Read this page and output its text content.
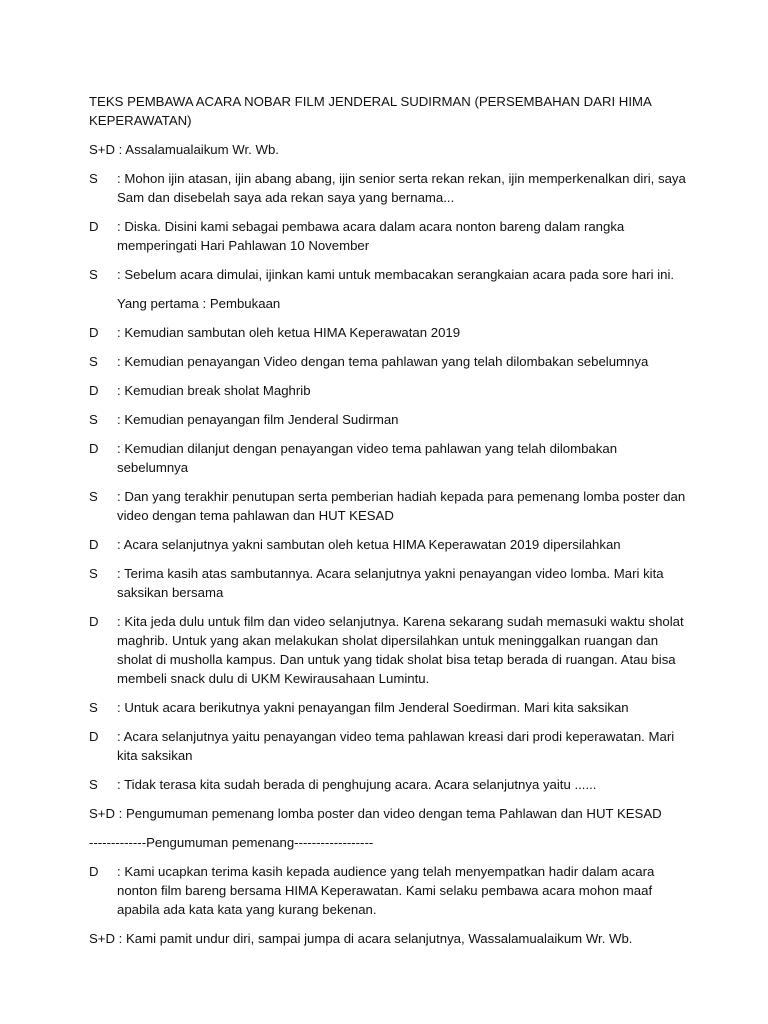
TEKS PEMBAWA ACARA NOBAR FILM JENDERAL SUDIRMAN (PERSEMBAHAN DARI HIMA KEPERAWATAN)

S+D : Assalamualaikum Wr. Wb.

S	: Mohon ijin atasan, ijin abang abang, ijin senior serta rekan rekan, ijin memperkenalkan diri, saya Sam dan disebelah saya ada rekan saya yang bernama...
D	: Diska. Disini kami sebagai pembawa acara dalam acara nonton bareng dalam rangka memperingati Hari Pahlawan 10 November
S	: Sebelum acara dimulai, ijinkan kami untuk membacakan serangkaian acara pada sore hari ini.

Yang pertama : Pembukaan

D	: Kemudian sambutan oleh ketua HIMA Keperawatan 2019
S	: Kemudian penayangan Video dengan tema pahlawan yang telah dilombakan sebelumnya
D	: Kemudian break sholat Maghrib
S	: Kemudian penayangan film Jenderal Sudirman
D	: Kemudian dilanjut dengan penayangan video tema pahlawan yang telah dilombakan sebelumnya
S	: Dan yang terakhir penutupan serta pemberian hadiah kepada para pemenang lomba poster dan video dengan tema pahlawan dan HUT KESAD
D	: Acara selanjutnya yakni sambutan oleh ketua HIMA Keperawatan 2019 dipersilahkan
S	: Terima kasih atas sambutannya. Acara selanjutnya yakni penayangan video lomba. Mari kita saksikan bersama
D	: Kita jeda dulu untuk film dan video selanjutnya. Karena sekarang sudah memasuki waktu sholat maghrib. Untuk yang akan melakukan sholat dipersilahkan untuk meninggalkan ruangan dan sholat di musholla kampus. Dan untuk yang tidak sholat bisa tetap berada di ruangan. Atau bisa membeli snack dulu di UKM Kewirausahaan Lumintu.
S	: Untuk acara berikutnya yakni penayangan film Jenderal Soedirman. Mari kita saksikan
D	: Acara selanjutnya yaitu penayangan video tema pahlawan kreasi dari prodi keperawatan. Mari kita saksikan
S	: Tidak terasa kita sudah berada di penghujung acara. Acara selanjutnya yaitu ......

S+D : Pengumuman pemenang lomba poster dan video dengan tema Pahlawan dan HUT KESAD

-------------Pengumuman pemenang------------------

D	: Kami ucapkan terima kasih kepada audience yang telah menyempatkan hadir dalam acara nonton film bareng bersama HIMA Keperawatan. Kami selaku pembawa acara mohon maaf apabila ada kata kata yang kurang bekenan.

S+D : Kami pamit undur diri, sampai jumpa di acara selanjutnya, Wassalamualaikum Wr. Wb.
